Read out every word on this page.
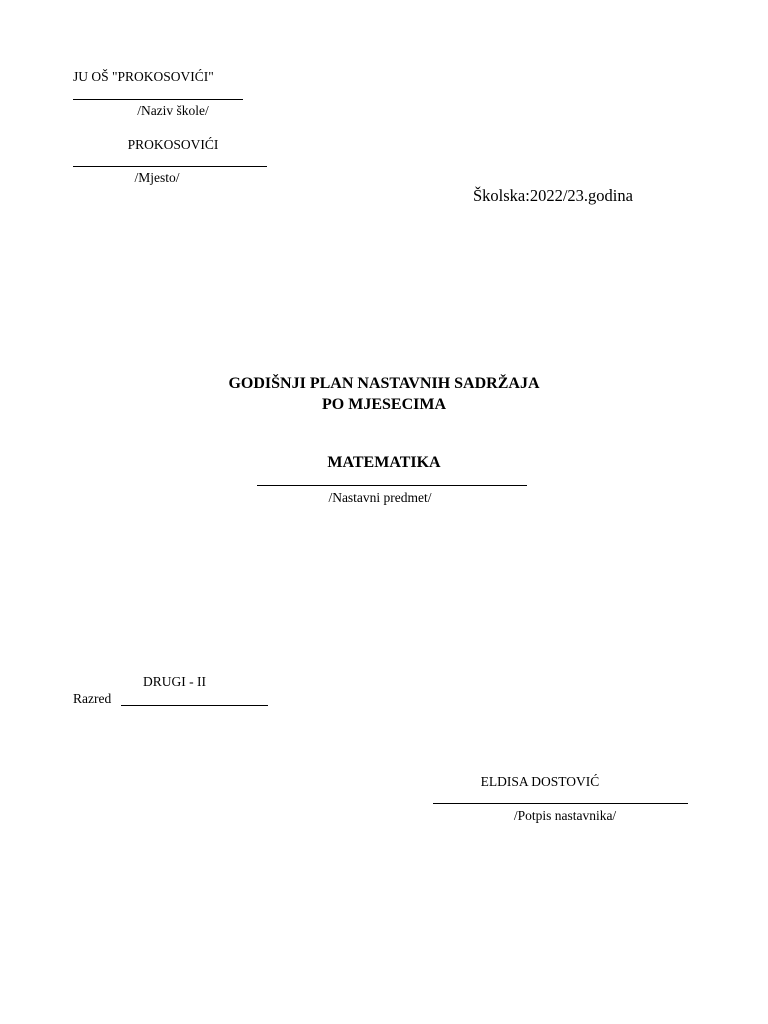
JU OŠ "PROKOSOVIĆI"
/Naziv škole/
PROKOSOVIĆI
/Mjesto/
Školska:2022/23.godina
GODIŠNJI PLAN NASTAVNIH SADRŽAJA
PO MJESECIMA
MATEMATIKA
/Nastavni predmet/
DRUGI - II
Razred
ELDISA DOSTOVIĆ
/Potpis nastavnika/
